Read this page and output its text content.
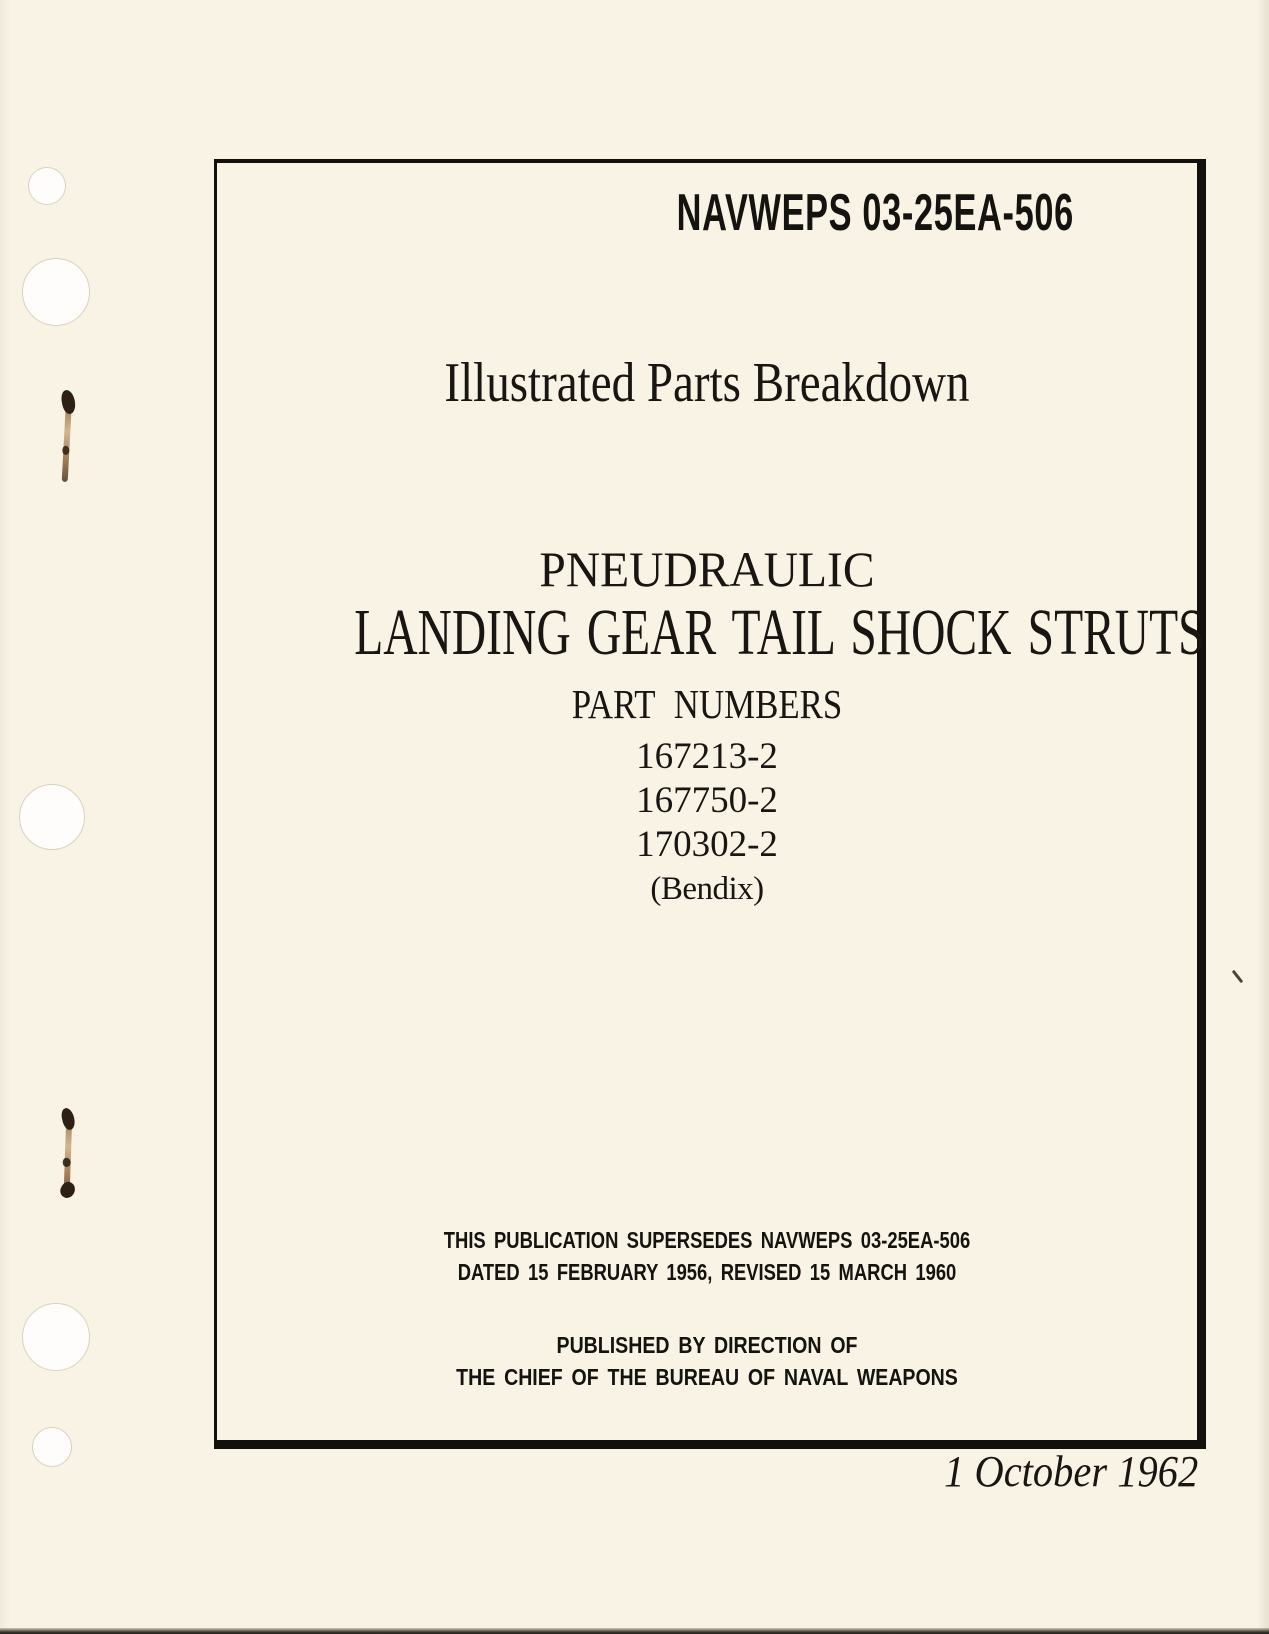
NAVWEPS 03-25EA-506
Illustrated Parts Breakdown
PNEUDRAULIC
LANDING GEAR TAIL SHOCK STRUTS
PART NUMBERS
167213-2
167750-2
170302-2
(Bendix)
THIS PUBLICATION SUPERSEDES NAVWEPS 03-25EA-506
DATED 15 FEBRUARY 1956, REVISED 15 MARCH 1960
PUBLISHED BY DIRECTION OF
THE CHIEF OF THE BUREAU OF NAVAL WEAPONS
1 October 1962
